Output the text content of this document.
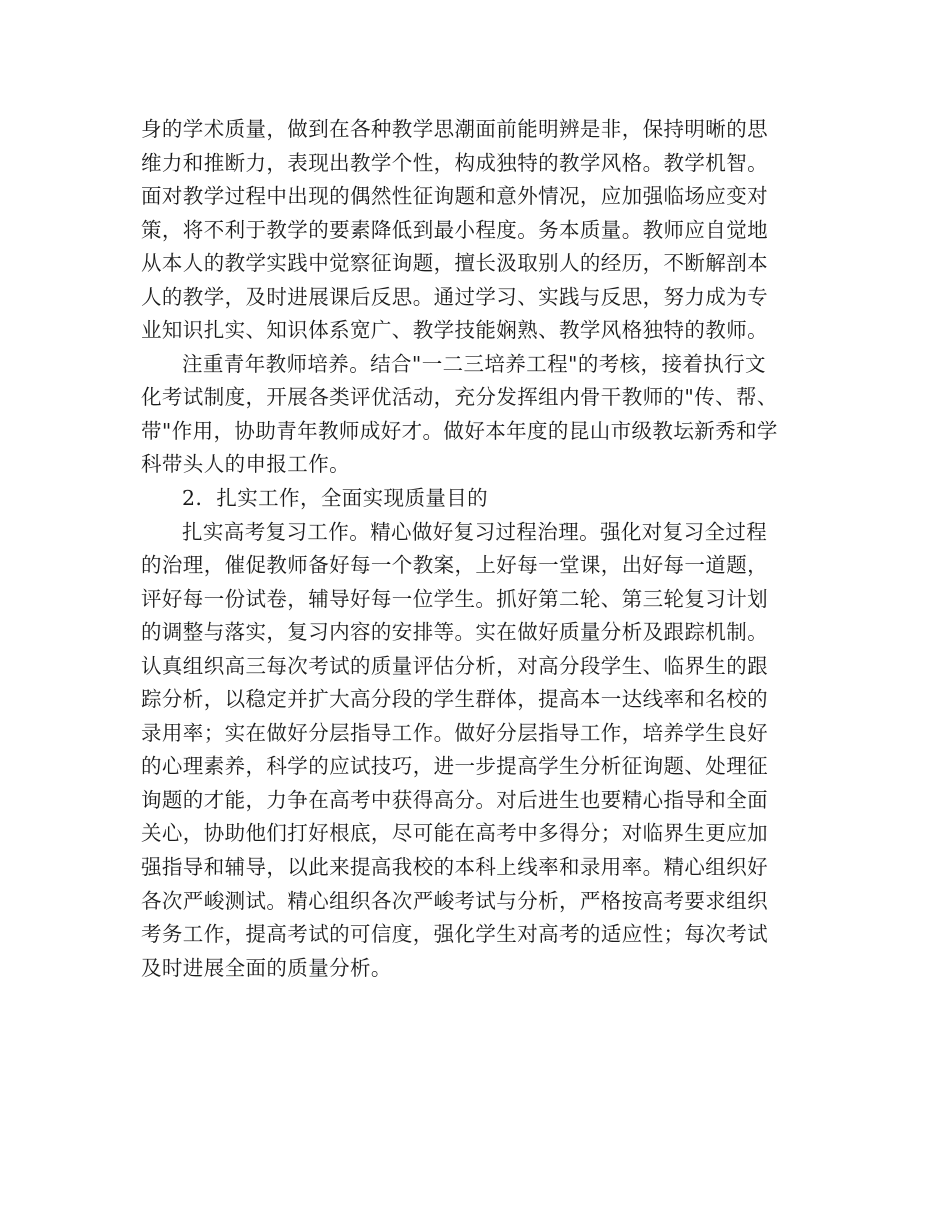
身的学术质量，做到在各种教学思潮面前能明辨是非，保持明晰的思
维力和推断力，表现出教学个性，构成独特的教学风格。教学机智。
面对教学过程中出现的偶然性征询题和意外情况，应加强临场应变对
策，将不利于教学的要素降低到最小程度。务本质量。教师应自觉地
从本人的教学实践中觉察征询题，擅长汲取别人的经历，不断解剖本
人的教学，及时进展课后反思。通过学习、实践与反思，努力成为专
业知识扎实、知识体系宽广、教学技能娴熟、教学风格独特的教师。
注重青年教师培养。结合"一二三培养工程"的考核，接着执行文
化考试制度，开展各类评优活动，充分发挥组内骨干教师的"传、帮、
带"作用，协助青年教师成好才。做好本年度的昆山市级教坛新秀和学
科带头人的申报工作。
2．扎实工作，全面实现质量目的
扎实高考复习工作。精心做好复习过程治理。强化对复习全过程
的治理，催促教师备好每一个教案，上好每一堂课，出好每一道题，
评好每一份试卷，辅导好每一位学生。抓好第二轮、第三轮复习计划
的调整与落实，复习内容的安排等。实在做好质量分析及跟踪机制。
认真组织高三每次考试的质量评估分析，对高分段学生、临界生的跟
踪分析，以稳定并扩大高分段的学生群体，提高本一达线率和名校的
录用率；实在做好分层指导工作。做好分层指导工作，培养学生良好
的心理素养，科学的应试技巧，进一步提高学生分析征询题、处理征
询题的才能，力争在高考中获得高分。对后进生也要精心指导和全面
关心，协助他们打好根底，尽可能在高考中多得分；对临界生更应加
强指导和辅导，以此来提高我校的本科上线率和录用率。精心组织好
各次严峻测试。精心组织各次严峻考试与分析，严格按高考要求组织
考务工作，提高考试的可信度，强化学生对高考的适应性；每次考试
及时进展全面的质量分析。
